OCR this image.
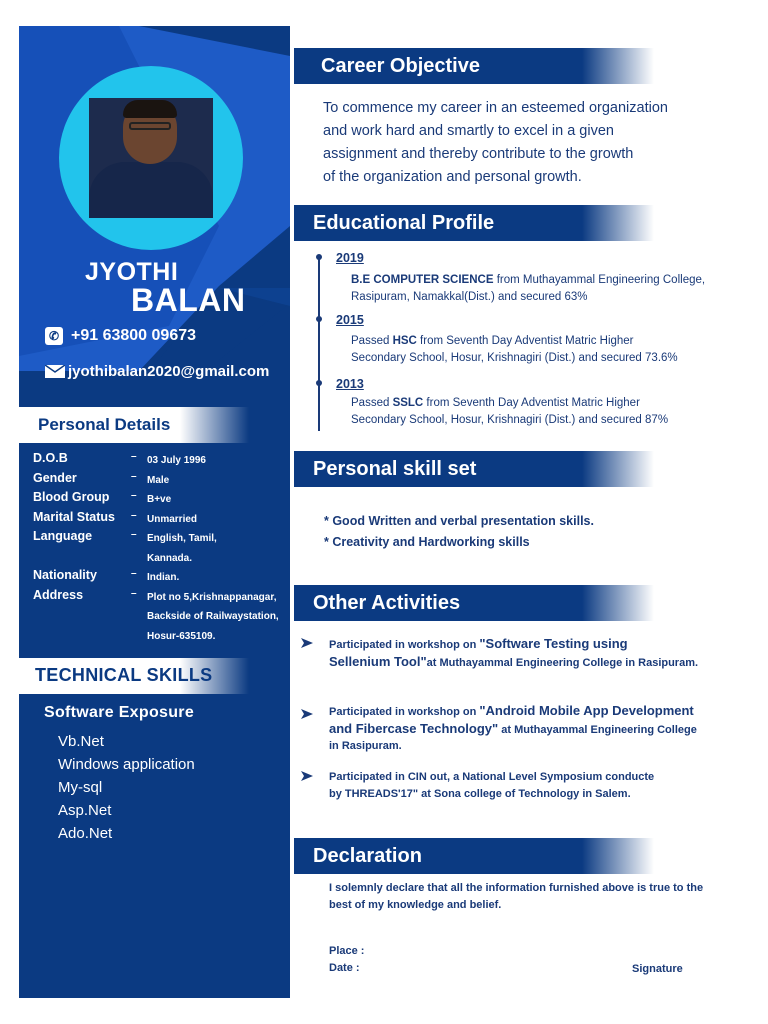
JYOTHI
BALAN
✆ +91 63800 09673
jyothibalan2020@gmail.com
Personal Details
D.O.B	–	03 July 1996
Gender	–	Male
Blood Group	–	B+ve
Marital Status	–	Unmarried
Language	–	English, Tamil,
Kannada.
Nationality	–	Indian.
Address	–	Plot no 5,Krishnappanagar,
Backside of Railwaystation,
Hosur-635109.
TECHNICAL SKILLS
Software Exposure
Vb.Net
Windows application
My-sql
Asp.Net
Ado.Net
Career Objective
To commence my career in an esteemed organization
and work hard and smartly to excel in a given
assignment and thereby contribute to the growth
of the organization and personal growth.
Educational Profile
2019
B.E COMPUTER SCIENCE from Muthayammal Engineering College,
Rasipuram, Namakkal(Dist.) and secured 63%
2015
Passed HSC from Seventh Day Adventist Matric Higher
Secondary School, Hosur, Krishnagiri (Dist.) and secured 73.6%
2013
Passed SSLC from Seventh Day Adventist Matric Higher
Secondary School, Hosur, Krishnagiri (Dist.) and secured 87%
Personal skill set
* Good Written and verbal presentation skills.
* Creativity and Hardworking skills
Other Activities
Participated in workshop on "Software Testing using
Sellenium Tool"at Muthayammal Engineering College in Rasipuram.
Participated in workshop on "Android Mobile App Development
and Fibercase Technology" at Muthayammal Engineering College
in Rasipuram.
Participated in CIN out, a National Level Symposium conducte
by THREADS'17" at Sona college of Technology in Salem.
Declaration
I solemnly declare that all the information furnished above is true to the
best of my knowledge and belief.
Place :
Date :	Signature
